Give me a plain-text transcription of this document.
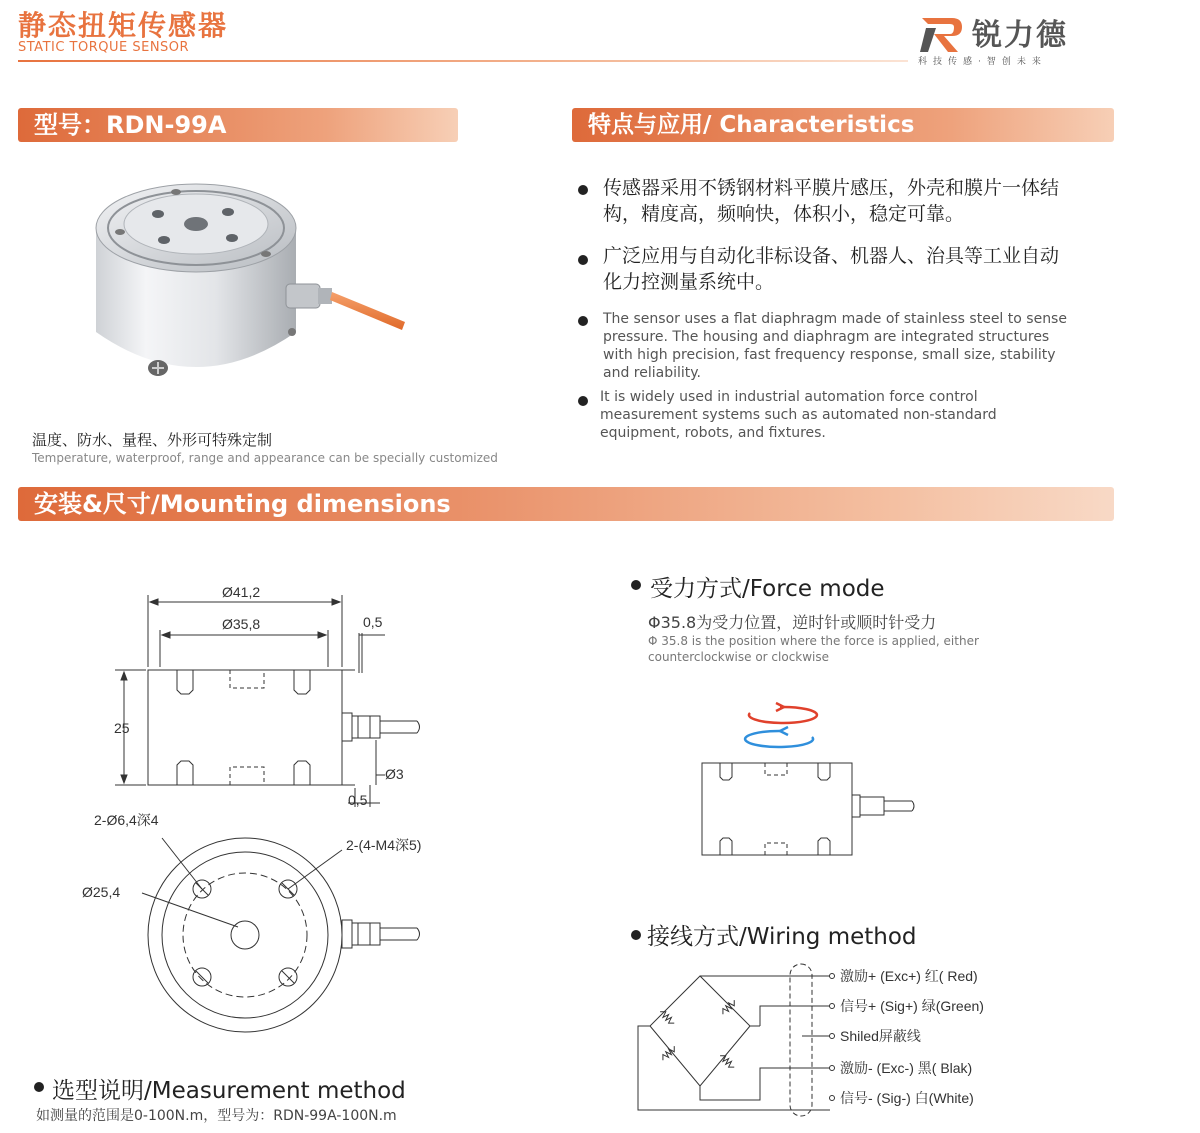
静态扭矩传感器
STATIC TORQUE SENSOR	锐力德
科技传感·智创未来
型号：RDN-99A
温度、防水、量程、外形可特殊定制
Temperature, waterproof, range and appearance can be specially customized
特点与应用/ Characteristics
传感器采用不锈钢材料平膜片感压，外壳和膜片一体结构，精度高，频响快，体积小，稳定可靠。
广泛应用与自动化非标设备、机器人、治具等工业自动化力控测量系统中。
The sensor uses a flat diaphragm made of stainless steel to sense pressure. The housing and diaphragm are integrated structures with high precision, fast frequency response, small size, stability and reliability.
It is widely used in industrial automation force control measurement systems such as automated non-standard equipment, robots, and fixtures.
安装&尺寸/Mounting dimensions
Ø41,2
Ø35,8	0,5
25
Ø3
0,5
2-Ø6,4深4
2-(4-M4深5)
Ø25,4
受力方式/Force mode
Φ35.8为受力位置，逆时针或顺时针受力
Φ 35.8 is the position where the force is applied, either counterclockwise or clockwise
接线方式/Wiring method
激励+ (Exc+) 红( Red)
信号+ (Sig+) 绿(Green)
Shiled屏蔽线
激励- (Exc-) 黑( Blak)
信号- (Sig-) 白(White)
选型说明/Measurement method
如测量的范围是0-100N.m，型号为：RDN-99A-100N.m
